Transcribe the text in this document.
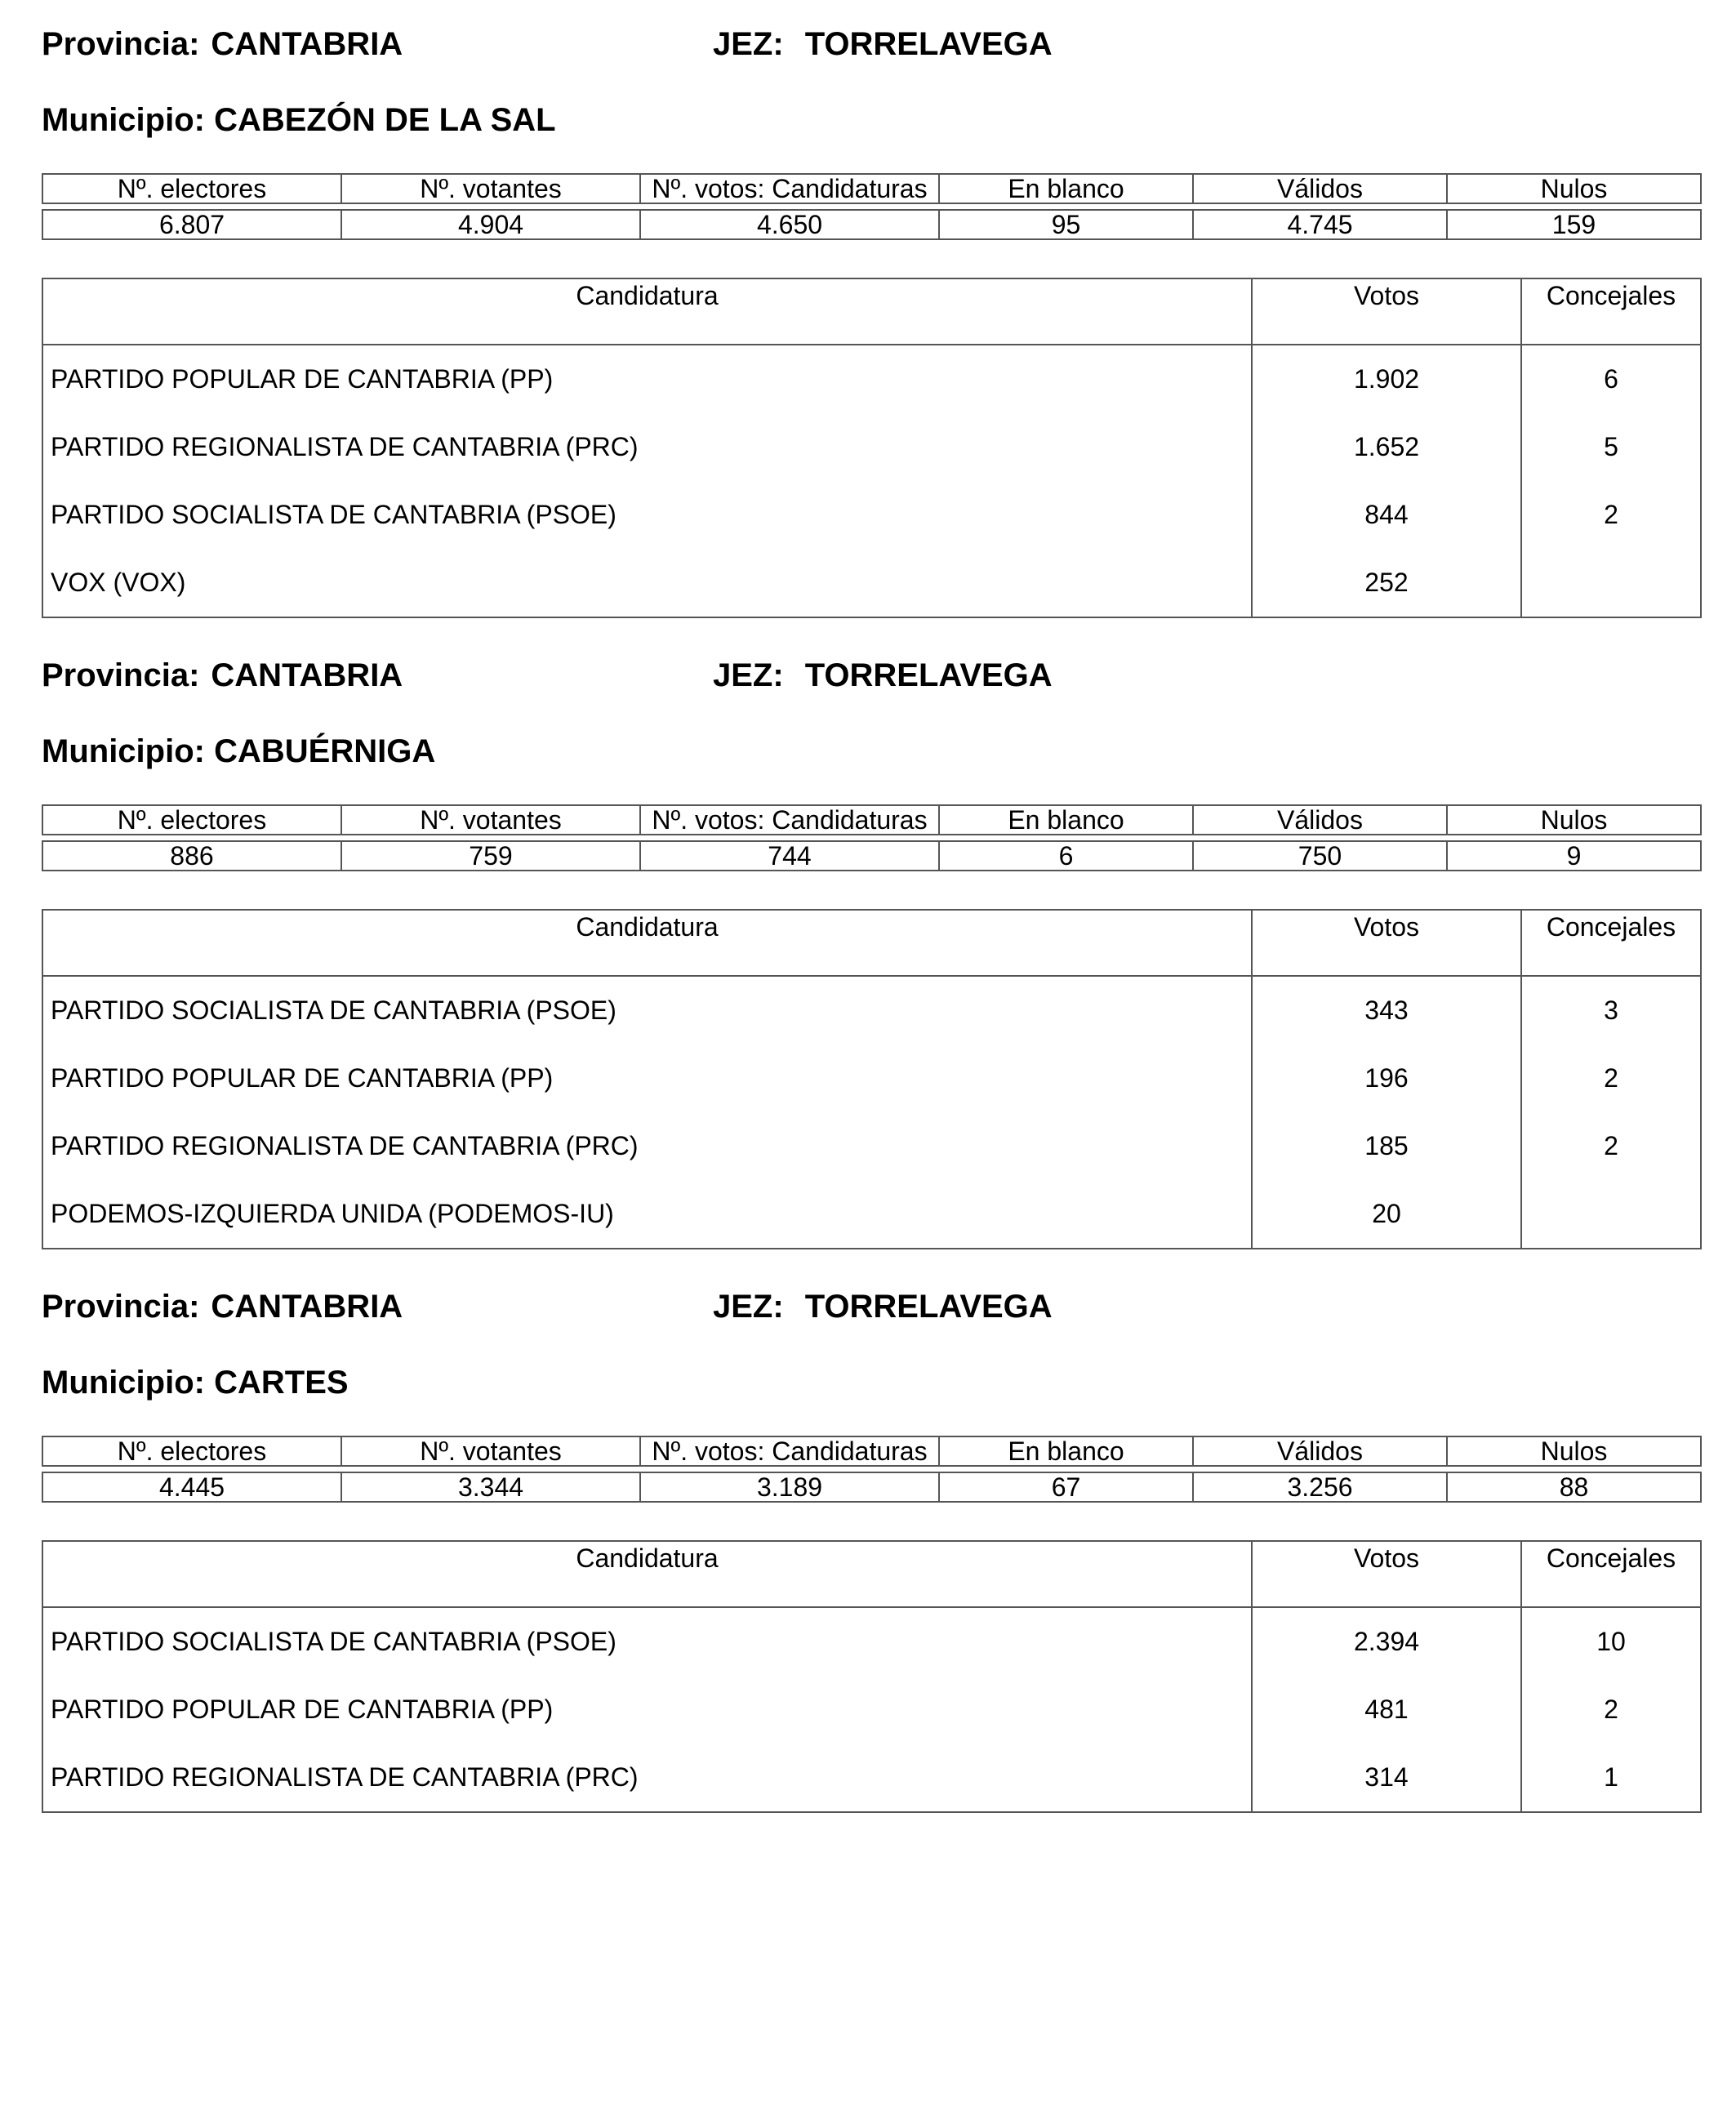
Provincia: CANTABRIA	JEZ: TORRELAVEGA
Municipio: CABEZÓN DE LA SAL
Nº. electores	Nº. votantes	Nº. votos: Candidaturas	En blanco	Válidos	Nulos

6.807	4.904	4.650	95	4.745	159
Candidatura	Votos	Concejales
PARTIDO POPULAR DE CANTABRIA (PP)	1.902	6
PARTIDO REGIONALISTA DE CANTABRIA (PRC)	1.652	5
PARTIDO SOCIALISTA DE CANTABRIA (PSOE)	844	2
VOX (VOX)	252	
Provincia: CANTABRIA	JEZ: TORRELAVEGA
Municipio: CABUÉRNIGA
Nº. electores	Nº. votantes	Nº. votos: Candidaturas	En blanco	Válidos	Nulos

886	759	744	6	750	9
Candidatura	Votos	Concejales
PARTIDO SOCIALISTA DE CANTABRIA (PSOE)	343	3
PARTIDO POPULAR DE CANTABRIA (PP)	196	2
PARTIDO REGIONALISTA DE CANTABRIA (PRC)	185	2
PODEMOS-IZQUIERDA UNIDA (PODEMOS-IU)	20	
Provincia: CANTABRIA	JEZ: TORRELAVEGA
Municipio: CARTES
Nº. electores	Nº. votantes	Nº. votos: Candidaturas	En blanco	Válidos	Nulos

4.445	3.344	3.189	67	3.256	88
Candidatura	Votos	Concejales
PARTIDO SOCIALISTA DE CANTABRIA (PSOE)	2.394	10
PARTIDO POPULAR DE CANTABRIA (PP)	481	2
PARTIDO REGIONALISTA DE CANTABRIA (PRC)	314	1
